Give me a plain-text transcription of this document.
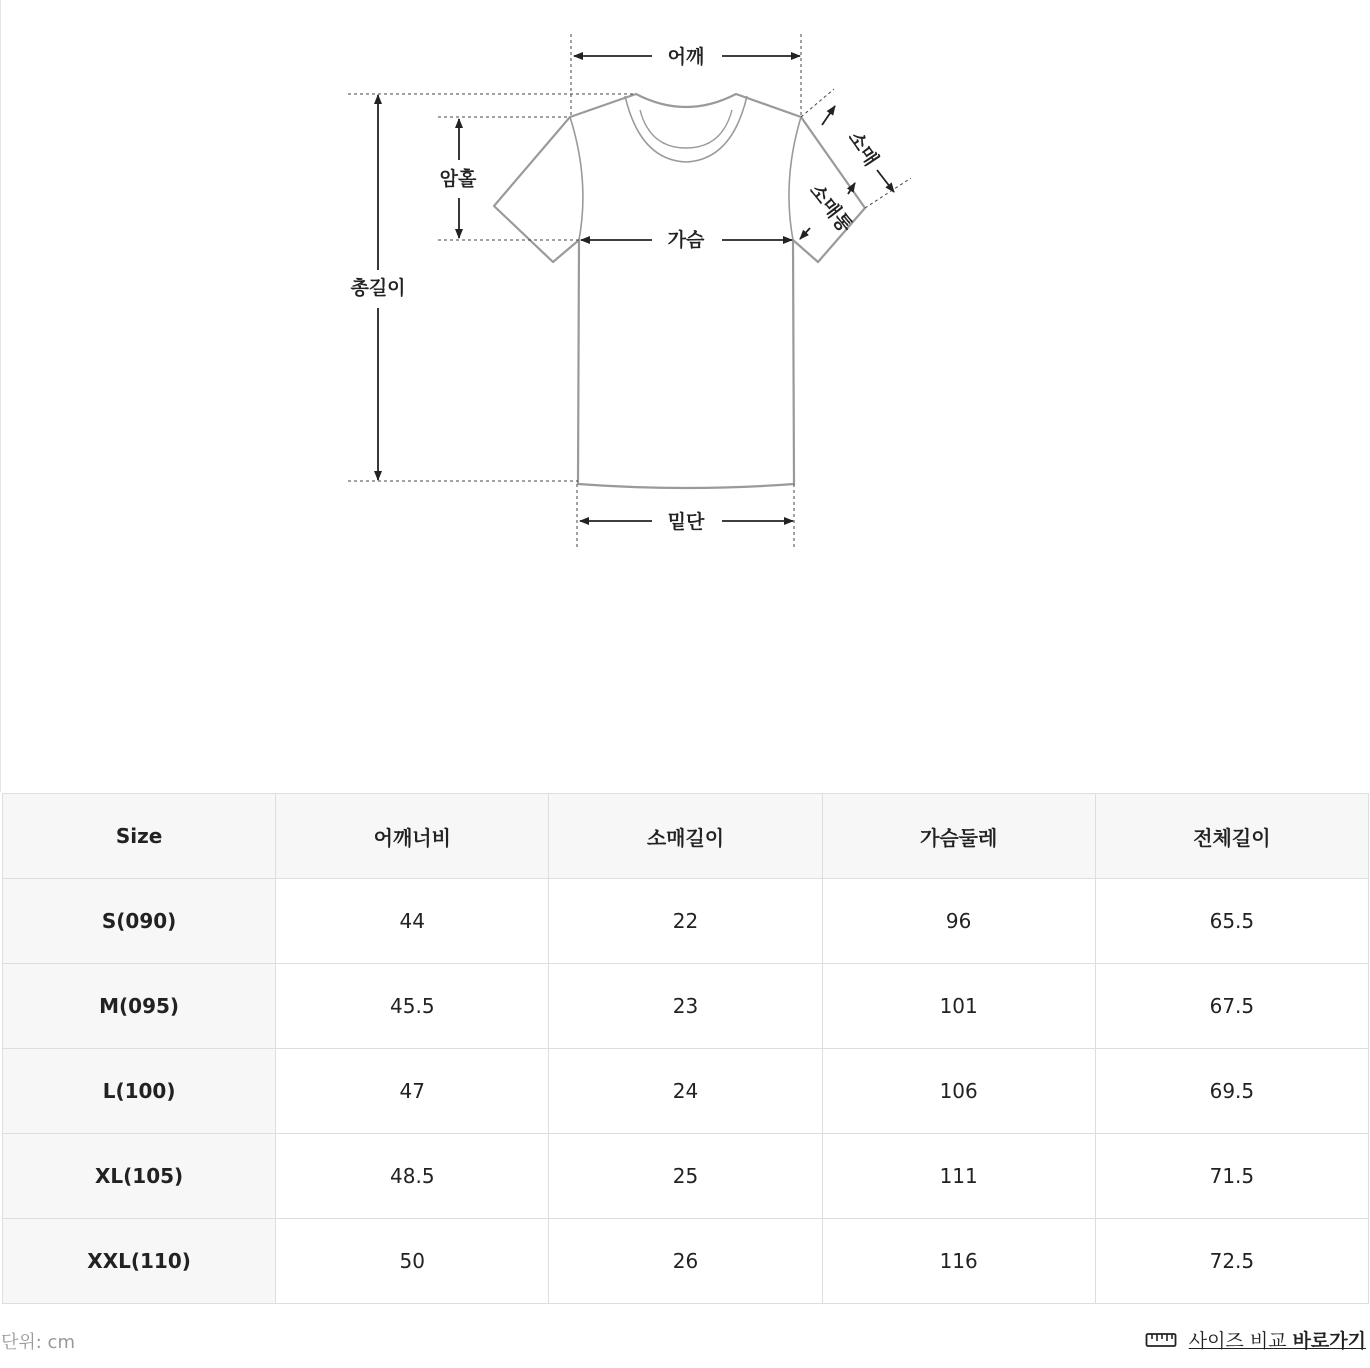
어깨
암홀
가슴
총길이
밑단
소매
소매통
Size	어깨너비	소매길이	가슴둘레	전체길이
S(090)	44	22	96	65.5
M(095)	45.5	23	101	67.5
L(100)	47	24	106	69.5
XL(105)	48.5	25	111	71.5
XXL(110)	50	26	116	72.5
단위: cm	사이즈 비교 바로가기
